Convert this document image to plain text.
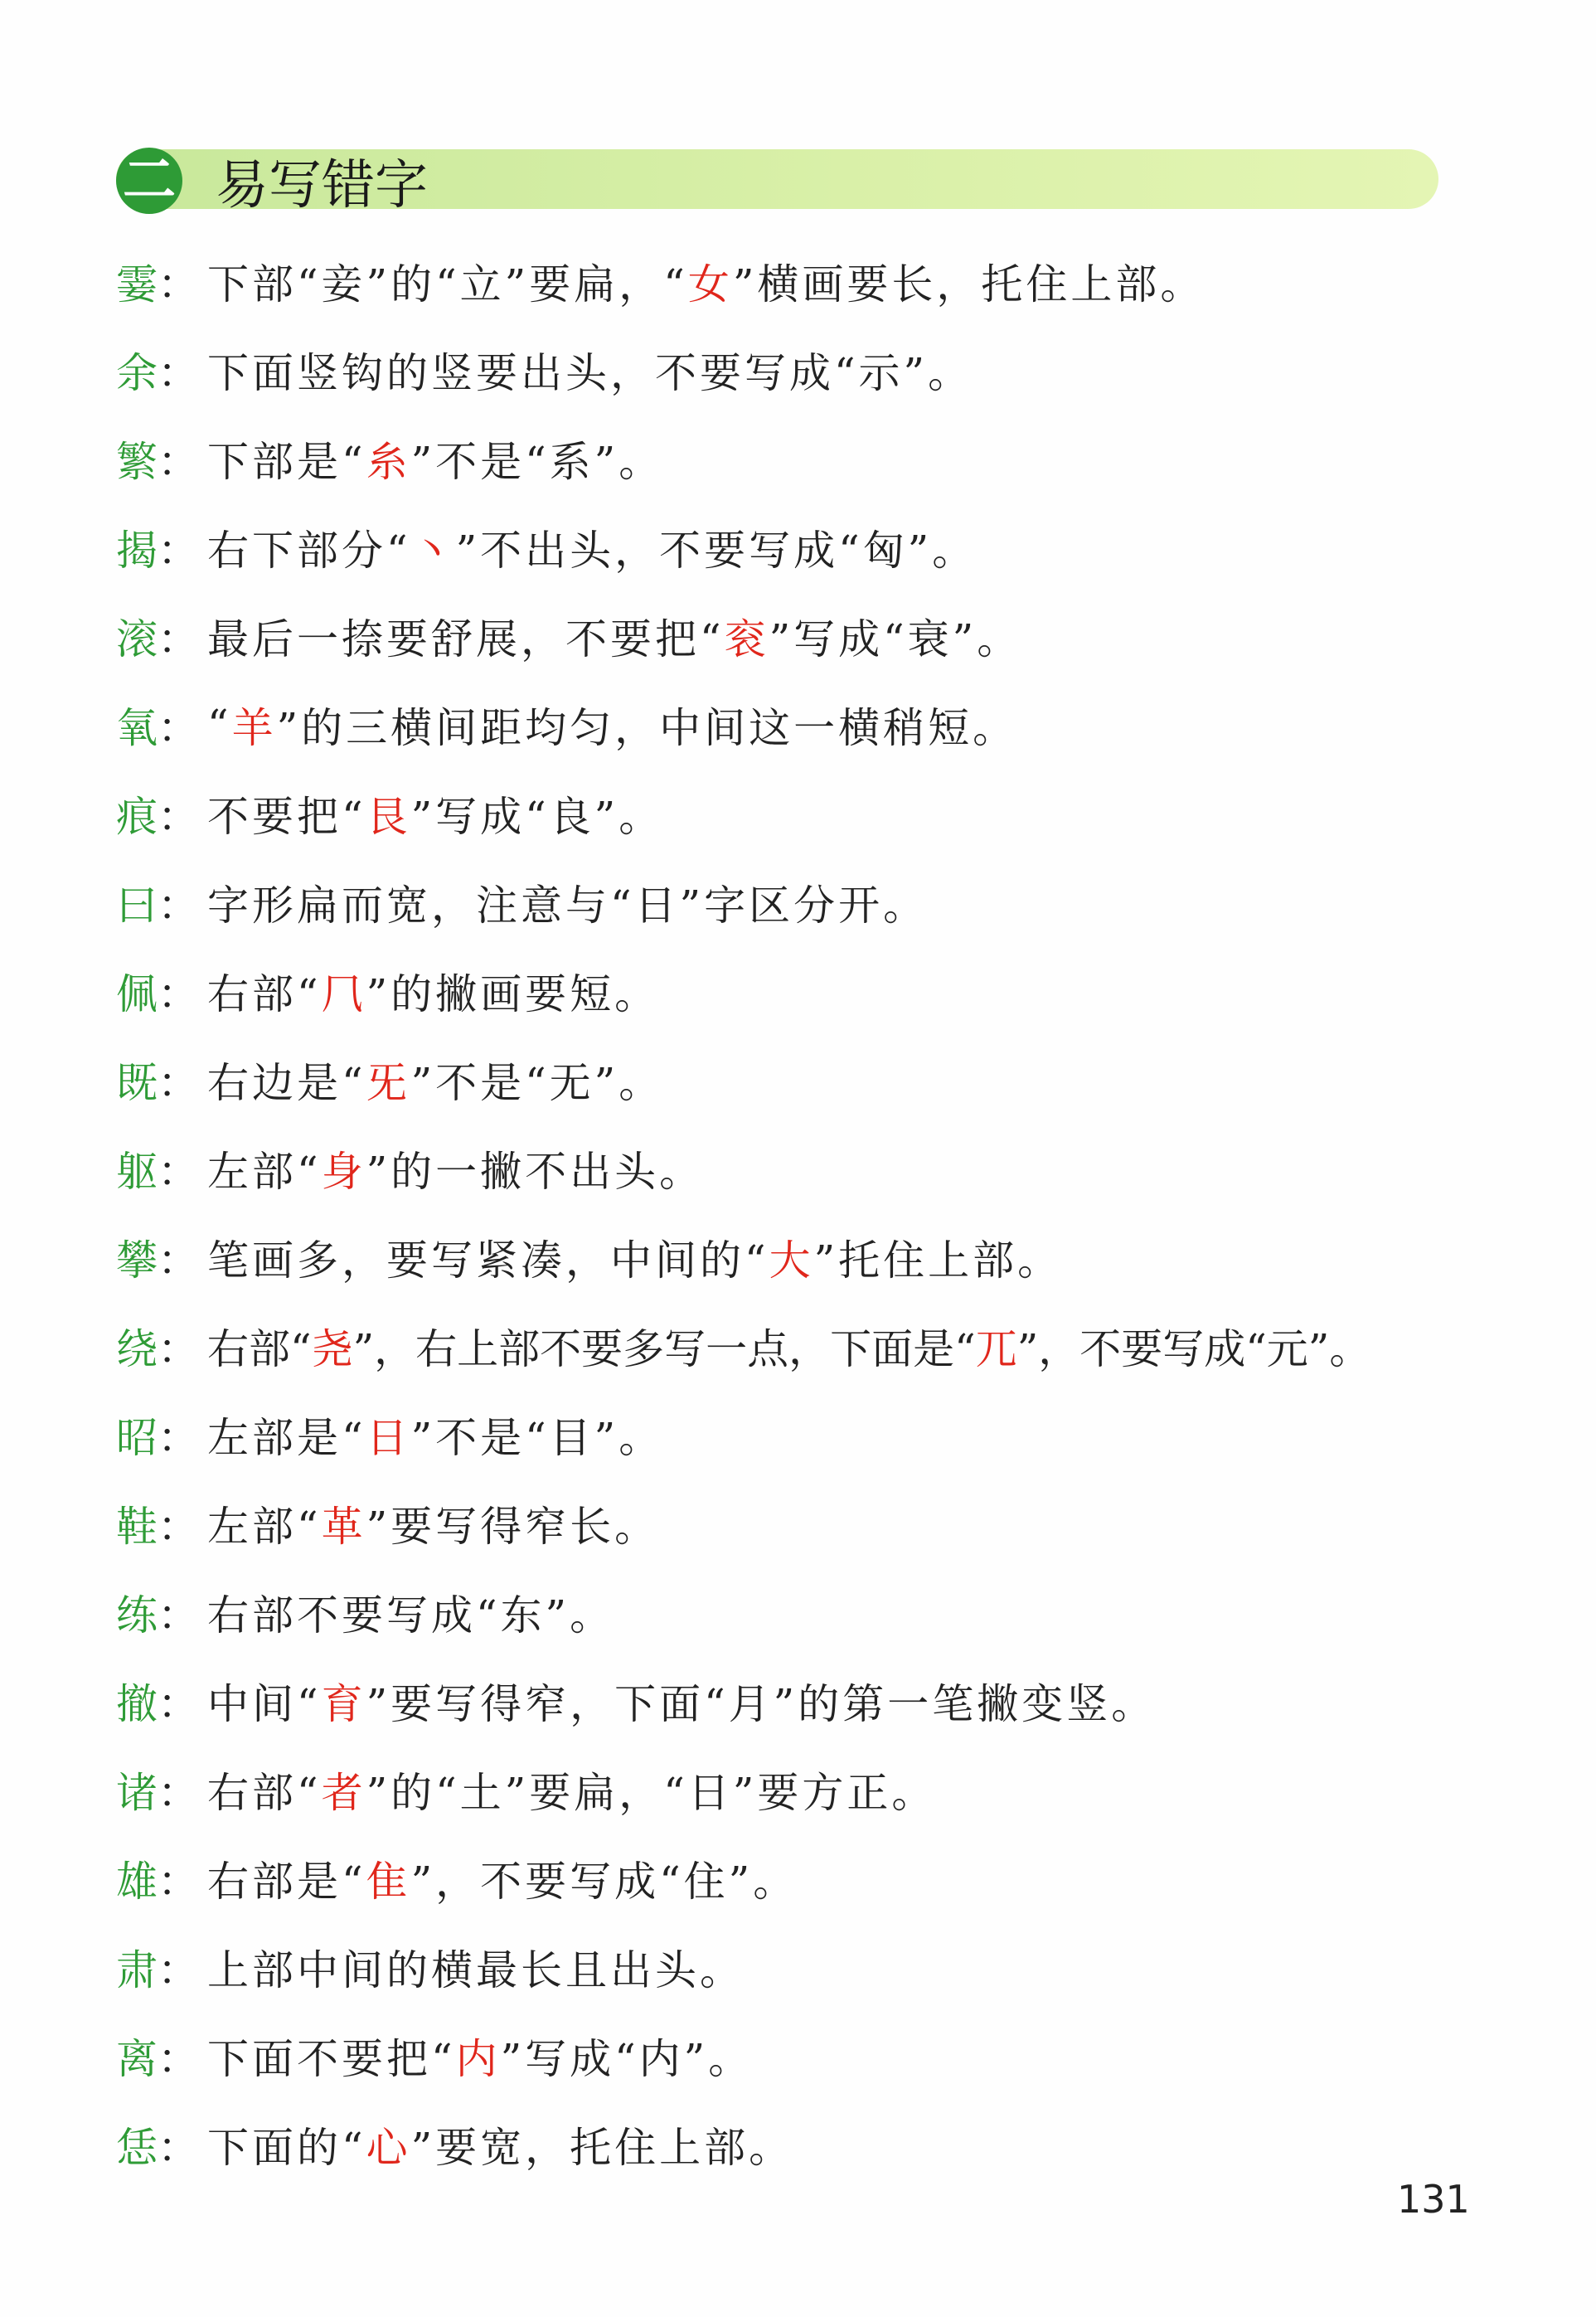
二 易写错字
霎 ： 下部“妾”的“立”要扁，“ 女 ”横画要长，托住上部。
余 ： 下面竖钩的竖要出头，不要写成“示”。
繁 ： 下部是“ 糸 ”不是“系”。
揭 ： 右下部分“ 丶 ”不出头，不要写成“匈”。
滚 ： 最后一捺要舒展，不要把“ 衮 ”写成“衰”。
氧 ： “ 羊 ”的三横间距均匀，中间这一横稍短。
痕 ： 不要把“ 艮 ”写成“良”。
曰 ： 字形扁而宽，注意与“日”字区分开。
佩 ： 右部“ ⺇ ”的撇画要短。
既 ： 右边是“ 旡 ”不是“无”。
躯 ： 左部“ 身 ”的一撇不出头。
攀 ： 笔画多，要写紧凑，中间的“ 大 ”托住上部。
绕 ： 右部“ 尧 ”，右上部不要多写一点，下面是“ 兀 ”，不要写成“元”。
昭 ： 左部是“ 日 ”不是“目”。
鞋 ： 左部“ 革 ”要写得窄长。
练 ： 右部不要写成“东”。
撤 ： 中间“ 育 ”要写得窄，下面“月”的第一笔撇变竖。
诸 ： 右部“ 者 ”的“土”要扁，“日”要方正。
雄 ： 右部是“ 隹 ”，不要写成“住”。
肃 ： 上部中间的横最长且出头。
离 ： 下面不要把“ 内 ”写成“内”。
恁 ： 下面的“ 心 ”要宽，托住上部。
131
